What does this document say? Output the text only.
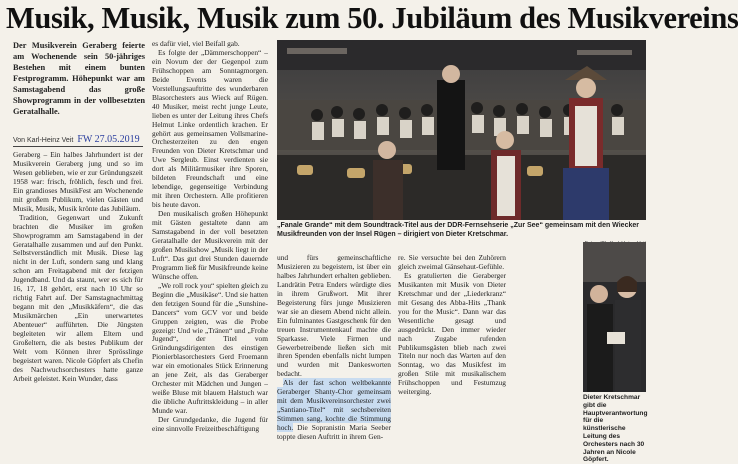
Musik, Musik, Musik zum 50. Jubiläum des Musikvereins

Der Musikverein Geraberg feierte am Wochenende sein 50-jähriges Bestehen mit einem bunten Festprogramm. Höhepunkt war am Samstagabend das große Showprogramm in der vollbesetzten Geratalhalle.

Von Karl-Heinz Veit FW 27.05.2019

Geraberg – Ein halbes Jahrhundert ist der Musikverein Geraberg jung und so im Wesen geblieben, wie er zur Gründungszeit 1958 war: frisch, fröhlich, fesch und frei. Ein grandioses MusikFest am Wochenende mit großem Publikum, vielen Gästen und Musik, Musik, Musik krönte das Jubiläum.

Tradition, Gegenwart und Zukunft brachten die Musiker im großen Showprogramm am Samstagabend in der Geratalhalle zusammen und auf den Punkt. Selbstverständlich mit Musik. Diese lag nicht in der Luft, sondern sang und klang schon am Freitagabend mit der fetzigen Jugendband. Und da staunt, wer es sich für 16, 17, 18 gehört, erst nach 10 Uhr so richtig Fahrt auf. Der Samstagnachmittag begann mit den „Musikkäfern“, die das Musikmärchen „Ein unerwartetes Abenteuer“ aufführten. Die Jüngsten begleiteten wir allem Eltern und Großeltern, die als bestes Publikum der Welt vom Können ihrer Sprösslinge begeistert waren. Nicole Göpfert als Chefin des Nachwuchsorchesters hatte ganze Arbeit geleistet. Kein Wunder, dass

es dafür viel, viel Beifall gab.

Es folgte der „Dämmerschoppen“ – ein Novum der der Gegenpol zum Frühschoppen am Sonntagmorgen. Beide Events waren die Vorstellungsauftritte des wunderbaren Blasorchesters aus Wieck auf Rügen. 40 Musiker, meist recht junge Leute, lieben es unter der Leitung ihres Chefs Helmut Linke ordentlich krachen. Er gehört aus gemeinsamen Vollsmarine-Orchesterzeiten zu den engen Freunden von Dieter Kretschmar und Uwe Sergleub. Einst verdienten sie dort als Militärmusiker ihre Sporen, bildeten Freundschaft und eine lebendige, gegenseitige Verbindung mit ihren Orchestern. Alle profitieren bis heute davon.

Den musikalisch großen Höhepunkt mit Gästen gestaltete dann am Samstagabend in der voll besetzten Geratalhalle der Musikverein mit der großen Musikshow „Musik liegt in der Luft“. Das gut drei Stunden dauernde Programm ließ für Musikfreunde keine Wünsche offen.

„We roll rock you“ spielten gleich zu Beginn die „Musikäse“. Und sie hatten den fetzigen Sound für die „Sunshine-Dancers“ vom GCV vor und beide Gruppen zeigten, was die Probe gezeigt: Und wie „Tränen“ und „Frohe Jugend“, der Titel vom Gründungsdirigenten des einstigen Pionierblasorchesters Gerd Froemann war ein emotionales Stück Erinnerung an jene Zeit, als das Geraberger Orchester mit Mädchen und Jungen – weiße Bluse mit blauem Halstuch war die übliche Auftrittskleidung – in aller Munde war.

Der Grundgedanke, die Jugend für eine sinnvolle Freizeitbeschäftigung

„Fanale Grande“ mit dem Soundtrack-Titel aus der DDR-Fernsehserie „Zur See“ gemeinsam mit den Wiecker Musikfreunden von der Insel Rügen – dirigiert von Dieter Kretschmar.

und fürs gemeinschaftliche Musizieren zu begeistern, ist über ein halbes Jahrhundert erhalten geblieben. Landrätin Petra Enders würdigte dies in ihrem Grußwort. Mit ihrer Begeisterung fürs junge Musizieren war sie an diesem Abend nicht allein. Ein fulminantes Gastgeschenk für den treuen Instrumentenkauf machte die Sparkasse. Viele Firmen und Gewerbetreibende ließen sich mit ihren Spenden ebenfalls nicht lumpen und wurden mit Dankesworten bedacht.

Als der fast schon weltbekannte Geraberger Shanty-Chor gemeinsam mit dem Musikvereinsorchester zwei „Santiano-Titel“ mit sechsbereiten Stimmen sang, kochte die Stimmung hoch. Die Sopranistin Maria Seeber toppte diesen Auftritt in ihrem Gen-

re. Sie versuchte bei den Zuhörern gleich zweimal Gänsehaut-Gefühle.

Es gratulierten die Geraberger Musikanten mit Musik von Dieter Kretschmar und der „Liederkranz“ mit Gesang des Abba-Hits „Thank you for the Music“. Dann war das Wesentliche gesagt und ausgedrückt. Den immer wieder nach Zugabe rufenden Publikumsgästen blieb nach zwei Titeln nur noch das Warten auf den Sonntag, wo das Musikfest im großen Stile mit musikalischem Frühschoppen und Festumzug weiterging.

Dieter Kretschmar gibt die Hauptverantwortung für die künstlerische Leitung des Orchesters nach 30 Jahren an Nicole Göpfert.
